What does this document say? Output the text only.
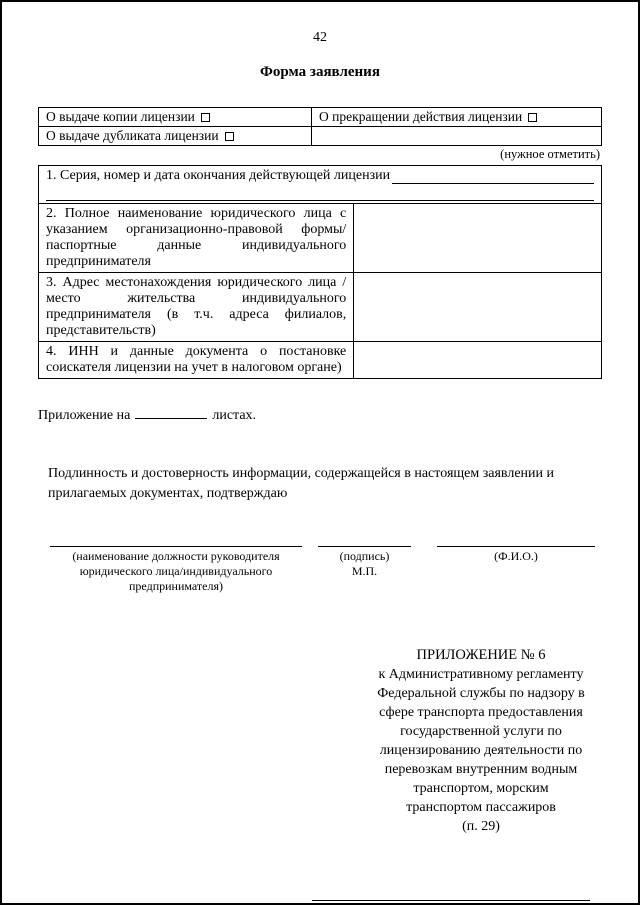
42
Форма заявления
О выдаче копии лицензии	О прекращении действия лицензии
О выдаче дубликата лицензии	
(нужное отметить)
1. Серия, номер и дата окончания действующей лицензии	

2. Полное наименование юридического лица с указанием организационно-правовой формы/паспортные данные индивидуального предпринимателя	
3. Адрес местонахождения юридического лица / место жительства индивидуального предпринимателя (в т.ч. адреса филиалов, представительств)	
4. ИНН и данные документа о постановке соискателя лицензии на учет в налоговом органе)	
Приложение на	листах.
Подлинность и достоверность информации, содержащейся в настоящем заявлении и прилагаемых документах, подтверждаю
(наименование должности руководителя юридического лица/индивидуального предпринимателя)
(подпись)
М.П.
(Ф.И.О.)
ПРИЛОЖЕНИЕ № 6
к Административному регламенту
Федеральной службы по надзору в
сфере транспорта предоставления
государственной услуги по
лицензированию деятельности по
перевозкам внутренним водным
транспортом, морским
транспортом пассажиров
(п. 29)
